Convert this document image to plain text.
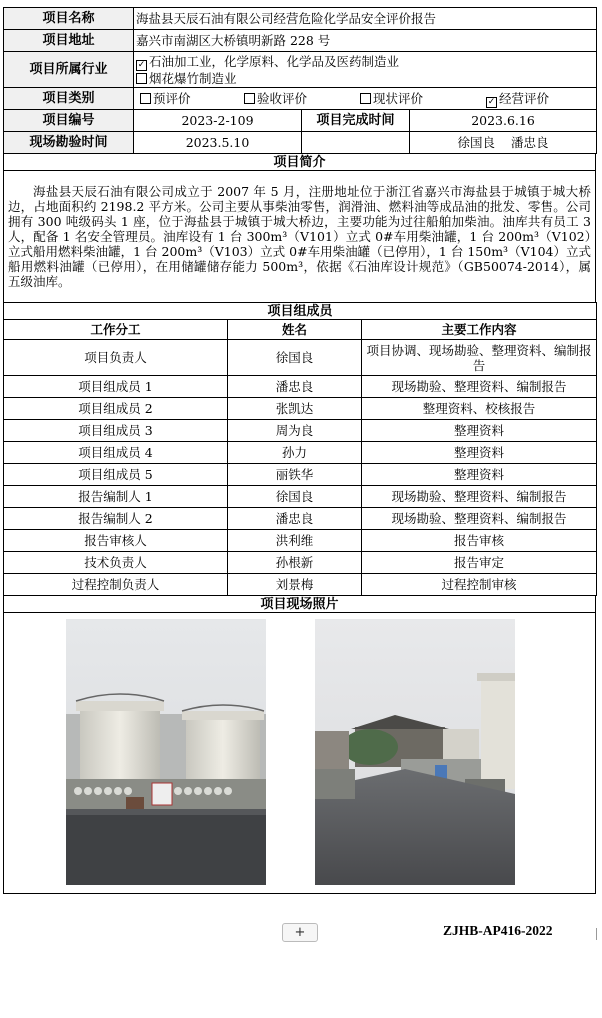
项目名称	海盐县天辰石油有限公司经营危险化学品安全评价报告		
项目地址	嘉兴市南湖区大桥镇明新路 228 号		
项目所属行业	✓ 石油加工业，化学原料、化学品及医药制造业
烟花爆竹制造业		

项目类别	预评价 验收评价 现状评价 ✓ 经营评价		

项目编号	2023-2-109	项目完成时间	2023.6.16
现场勘验时间	2023.5.10		徐国良    潘忠良
项目简介
海盐县天辰石油有限公司成立于 2007 年 5 月，注册地址位于浙江省嘉兴市海盐县于城镇于城大桥边，占地面积约 2198.2 平方米。公司主要从事柴油零售，润滑油、燃料油等成品油的批发、零售。公司拥有 300 吨级码头 1 座，位于海盐县于城镇于城大桥边，主要功能为过往船舶加柴油。油库共有员工 3 人，配备 1 名安全管理员。油库设有 1 台 300m³（V101）立式 0#车用柴油罐，1 台 200m³（V102）立式船用燃料柴油罐，1 台 200m³（V103）立式 0#车用柴油罐（已停用），1 台 150m³（V104）立式船用燃料油罐（已停用），在用储罐储存能力 500m³，依据《石油库设计规范》（GB50074-2014），属五级油库。
项目组成员		
工作分工	姓名	主要工作内容
项目负责人	徐国良	项目协调、现场勘验、整理资料、编制报告
项目组成员 1	潘忠良	现场勘验、整理资料、编制报告
项目组成员 2	张凯达	整理资料、校核报告
项目组成员 3	周为良	整理资料
项目组成员 4	孙力	整理资料
项目组成员 5	丽铁华	整理资料
报告编制人 1	徐国良	现场勘验、整理资料、编制报告
报告编制人 2	潘忠良	现场勘验、整理资料、编制报告
报告审核人	洪利维	报告审核
技术负责人	孙根新	报告审定
过程控制负责人	刘景梅	过程控制审核
项目现场照片

+	ZJHB-AP416-2022
